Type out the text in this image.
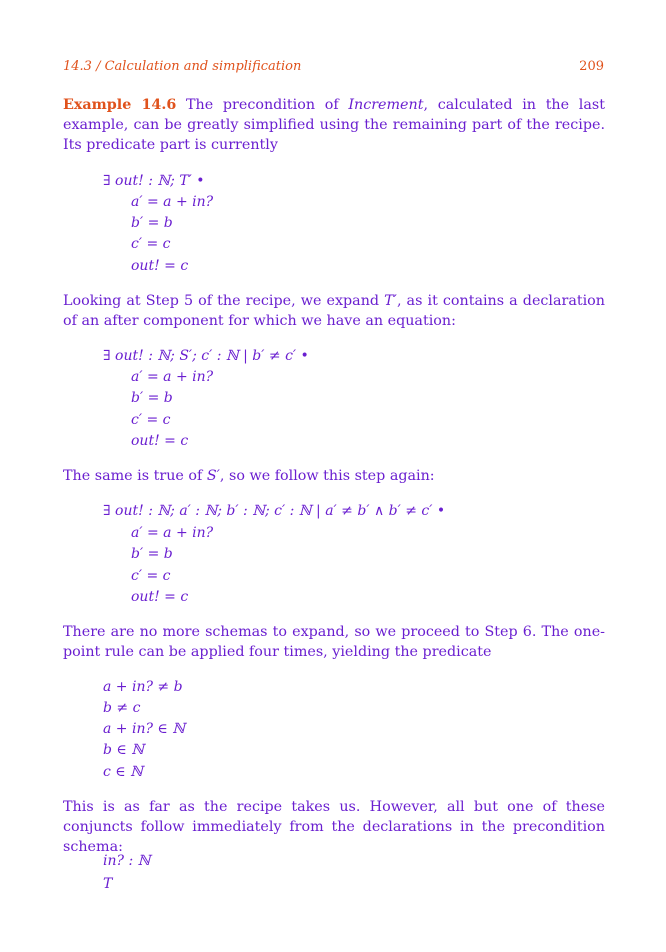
14.3 / Calculation and simplification	209
Example 14.6 The precondition of Increment, calculated in the last example, can be greatly simplified using the remaining part of the recipe. Its predicate part is currently
∃ out! : ℕ; T′ •
a′ = a + in?
b′ = b
c′ = c
out! = c
Looking at Step 5 of the recipe, we expand T′, as it contains a declaration of an after component for which we have an equation:
∃ out! : ℕ; S′; c′ : ℕ | b′ ≠ c′ •
a′ = a + in?
b′ = b
c′ = c
out! = c
The same is true of S′, so we follow this step again:
∃ out! : ℕ; a′ : ℕ; b′ : ℕ; c′ : ℕ | a′ ≠ b′ ∧ b′ ≠ c′ •
a′ = a + in?
b′ = b
c′ = c
out! = c
There are no more schemas to expand, so we proceed to Step 6. The one-point rule can be applied four times, yielding the predicate
a + in? ≠ b
b ≠ c
a + in? ∈ ℕ
b ∈ ℕ
c ∈ ℕ
This is as far as the recipe takes us. However, all but one of these conjuncts follow immediately from the declarations in the precondition schema:
in? : ℕ
T
